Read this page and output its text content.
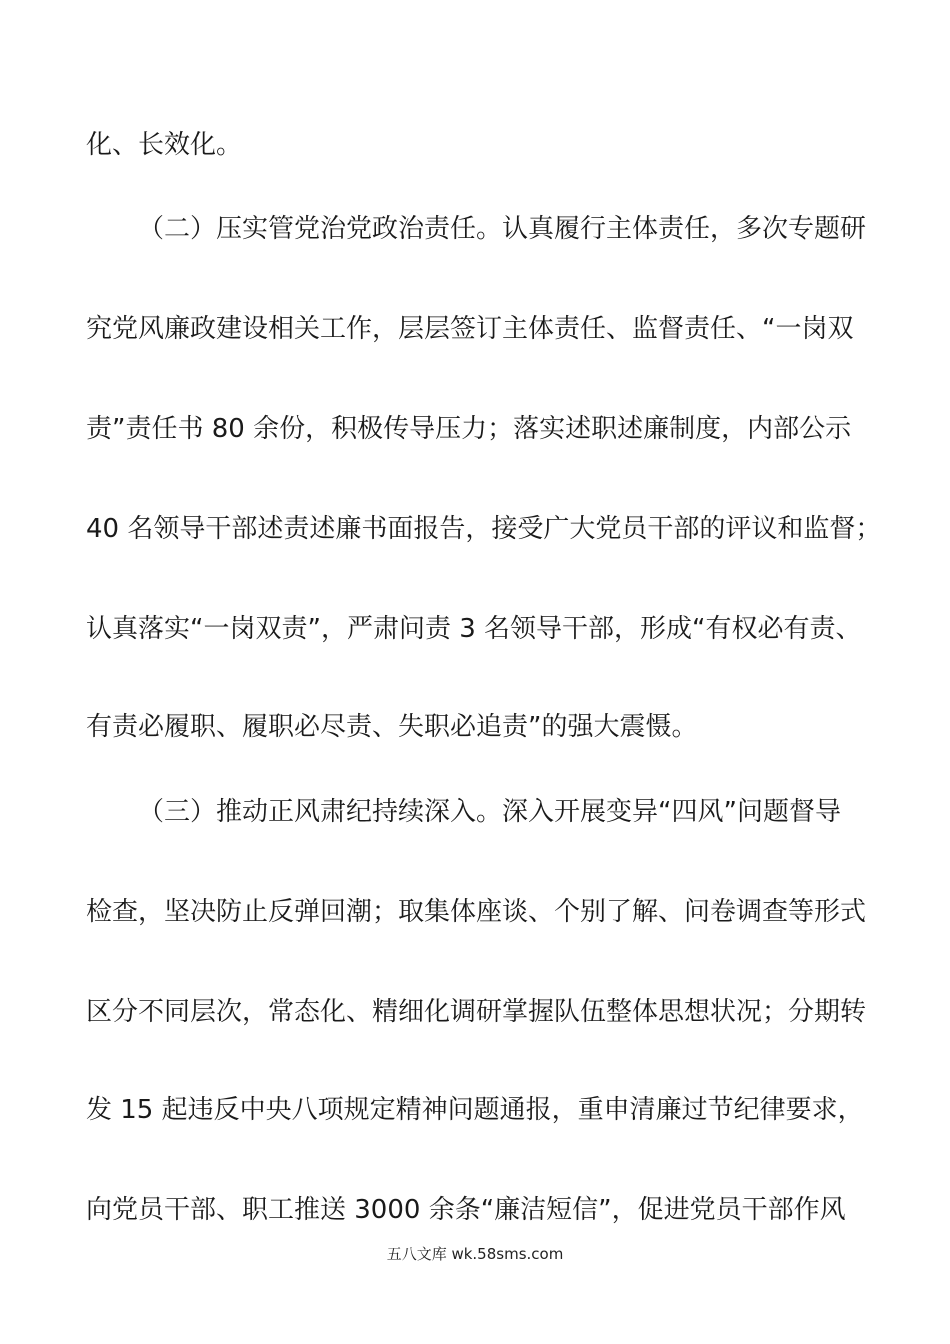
化、长效化。
（二）压实管党治党政治责任。认真履行主体责任，多次专题研
究党风廉政建设相关工作，层层签订主体责任、监督责任、“一岗双
责”责任书 80 余份，积极传导压力；落实述职述廉制度，内部公示
40 名领导干部述责述廉书面报告，接受广大党员干部的评议和监督；
认真落实“一岗双责”，严肃问责 3 名领导干部，形成“有权必有责、
有责必履职、履职必尽责、失职必追责”的强大震慑。
（三）推动正风肃纪持续深入。深入开展变异“四风”问题督导
检查，坚决防止反弹回潮；取集体座谈、个别了解、问卷调查等形式
区分不同层次，常态化、精细化调研掌握队伍整体思想状况；分期转
发 15 起违反中央八项规定精神问题通报，重申清廉过节纪律要求，
向党员干部、职工推送 3000 余条“廉洁短信”，促进党员干部作风
五八文库 wk.58sms.com
